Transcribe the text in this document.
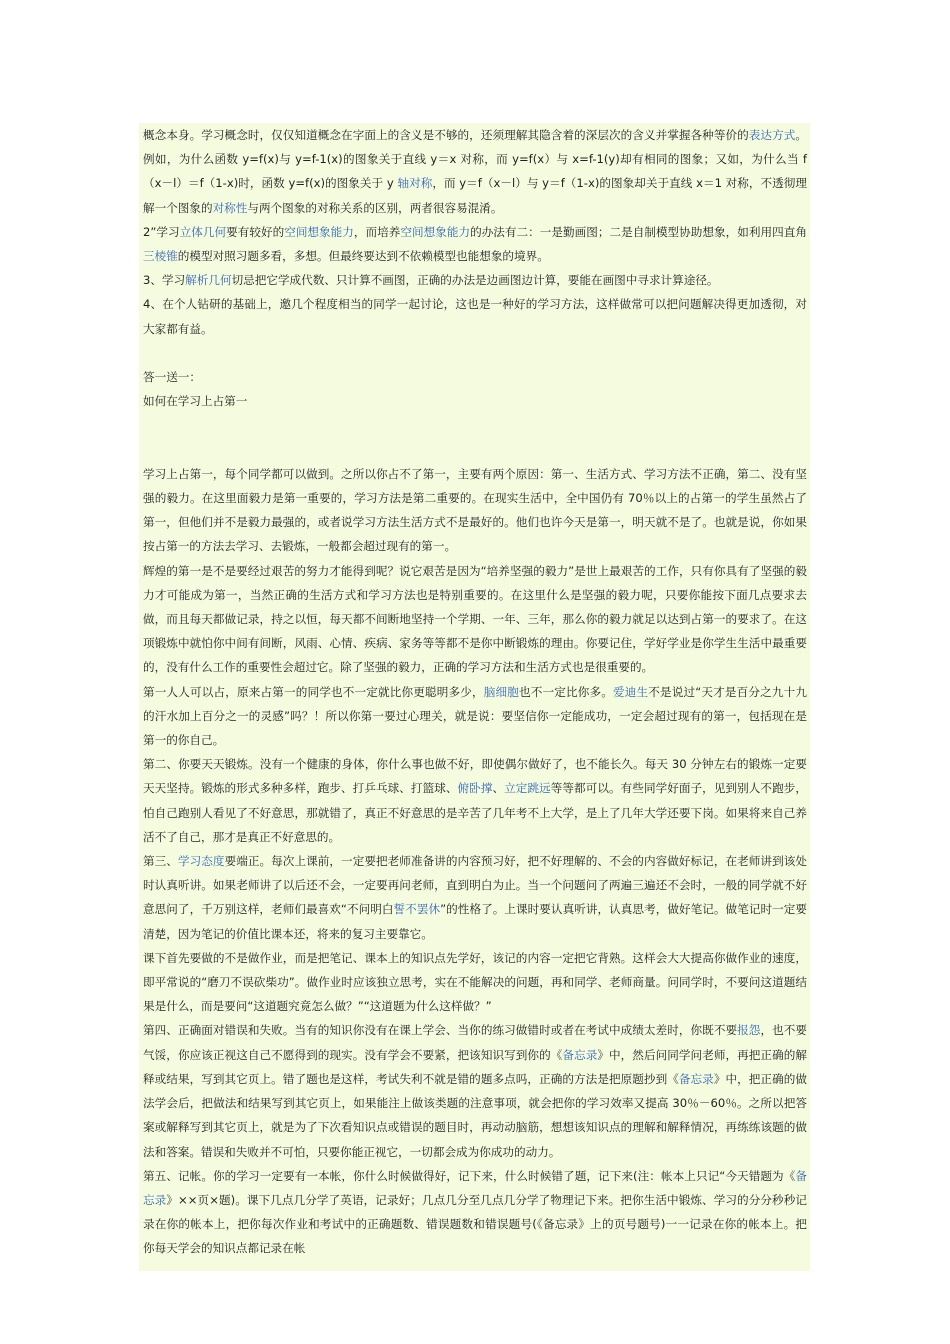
概念本身。学习概念时，仅仅知道概念在字面上的含义是不够的，还须理解其隐含着的深层次的含义并掌握各种等价的表达方式。例如，为什么函数 y=f(x)与 y=f-1(x)的图象关于直线 y＝x 对称，而 y=f(x）与 x=f-1(y)却有相同的图象；又如，为什么当 f（x－l）＝f（1-x)时，函数 y=f(x)的图象关于 y 轴对称，而 y＝f（x－l）与 y＝f（1-x)的图象却关于直线 x＝1 对称，不透彻理解一个图象的对称性与两个图象的对称关系的区别，两者很容易混淆。

2”学习立体几何要有较好的空间想象能力，而培养空间想象能力的办法有二：一是勤画图；二是自制模型协助想象，如利用四直角三棱锥的模型对照习题多看，多想。但最终要达到不依赖模型也能想象的境界。

3、学习解析几何切忌把它学成代数、只计算不画图，正确的办法是边画图边计算，要能在画图中寻求计算途径。

4、在个人钻研的基础上，邀几个程度相当的同学一起讨论，这也是一种好的学习方法，这样做常可以把问题解决得更加透彻，对大家都有益。

答一送一：

如何在学习上占第一

学习上占第一，每个同学都可以做到。之所以你占不了第一，主要有两个原因：第一、生活方式、学习方法不正确，第二、没有坚强的毅力。在这里面毅力是第一重要的，学习方法是第二重要的。在现实生活中，全中国仍有 70％以上的占第一的学生虽然占了第一，但他们并不是毅力最强的，或者说学习方法生活方式不是最好的。他们也许今天是第一，明天就不是了。也就是说，你如果按占第一的方法去学习、去锻炼，一般都会超过现有的第一。

辉煌的第一是不是要经过艰苦的努力才能得到呢？说它艰苦是因为“培养坚强的毅力”是世上最艰苦的工作，只有你具有了坚强的毅力才可能成为第一，当然正确的生活方式和学习方法也是特别重要的。在这里什么是坚强的毅力呢，只要你能按下面几点要求去做，而且每天都做记录，持之以恒，每天都不间断地坚持一个学期、一年、三年，那么你的毅力就足以达到占第一的要求了。在这项锻炼中就怕你中间有间断，风雨、心情、疾病、家务等等都不是你中断锻炼的理由。你要记住，学好学业是你学生生活中最重要的，没有什么工作的重要性会超过它。除了坚强的毅力，正确的学习方法和生活方式也是很重要的。

第一人人可以占，原来占第一的同学也不一定就比你更聪明多少，脑细胞也不一定比你多。爱迪生不是说过“天才是百分之九十九的汗水加上百分之一的灵感”吗？！所以你第一要过心理关，就是说：要坚信你一定能成功，一定会超过现有的第一，包括现在是第一的你自己。

第二、你要天天锻炼。没有一个健康的身体，你什么事也做不好，即使偶尔做好了，也不能长久。每天 30 分钟左右的锻炼一定要天天坚持。锻炼的形式多种多样，跑步、打乒乓球、打篮球、俯卧撑、立定跳远等等都可以。有些同学好面子，见到别人不跑步，怕自己跑别人看见了不好意思，那就错了，真正不好意思的是辛苦了几年考不上大学，是上了几年大学还要下岗。如果将来自己养活不了自己，那才是真正不好意思的。

第三、学习态度要端正。每次上课前，一定要把老师准备讲的内容预习好，把不好理解的、不会的内容做好标记，在老师讲到该处时认真听讲。如果老师讲了以后还不会，一定要再问老师，直到明白为止。当一个问题问了两遍三遍还不会时，一般的同学就不好意思问了，千万别这样，老师们最喜欢“不问明白誓不罢休”的性格了。上课时要认真听讲，认真思考，做好笔记。做笔记时一定要清楚，因为笔记的价值比课本还，将来的复习主要靠它。

课下首先要做的不是做作业，而是把笔记、课本上的知识点先学好，该记的内容一定把它背熟。这样会大大提高你做作业的速度，即平常说的“磨刀不误砍柴功”。做作业时应该独立思考，实在不能解决的问题，再和同学、老师商量。问同学时，不要问这道题结果是什么，而是要问“这道题究竟怎么做？”“这道题为什么这样做？”

第四、正确面对错误和失败。当有的知识你没有在课上学会、当你的练习做错时或者在考试中成绩太差时，你既不要报怨，也不要气馁，你应该正视这自己不愿得到的现实。没有学会不要紧，把该知识写到你的《备忘录》中，然后问同学问老师，再把正确的解释或结果，写到其它页上。错了题也是这样，考试失利不就是错的题多点吗，正确的方法是把原题抄到《备忘录》中，把正确的做法学会后，把做法和结果写到其它页上，如果能注上做该类题的注意事项，就会把你的学习效率又提高 30％－60％。之所以把答案或解释写到其它页上，就是为了下次看知识点或错误的题目时，再动动脑筋，想想该知识点的理解和解释情况，再练练该题的做法和答案。错误和失败并不可怕，只要你能正视它，一切都会成为你成功的动力。

第五、记帐。你的学习一定要有一本帐，你什么时候做得好，记下来，什么时候错了题，记下来(注：帐本上只记“今天错题为《备忘录》××页×题)。课下几点几分学了英语，记录好；几点几分至几点几分学了物理记下来。把你生活中锻炼、学习的分分秒秒记录在你的帐本上，把你每次作业和考试中的正确题数、错误题数和错误题号(《备忘录》上的页号题号)一一记录在你的帐本上。把你每天学会的知识点都记录在帐
